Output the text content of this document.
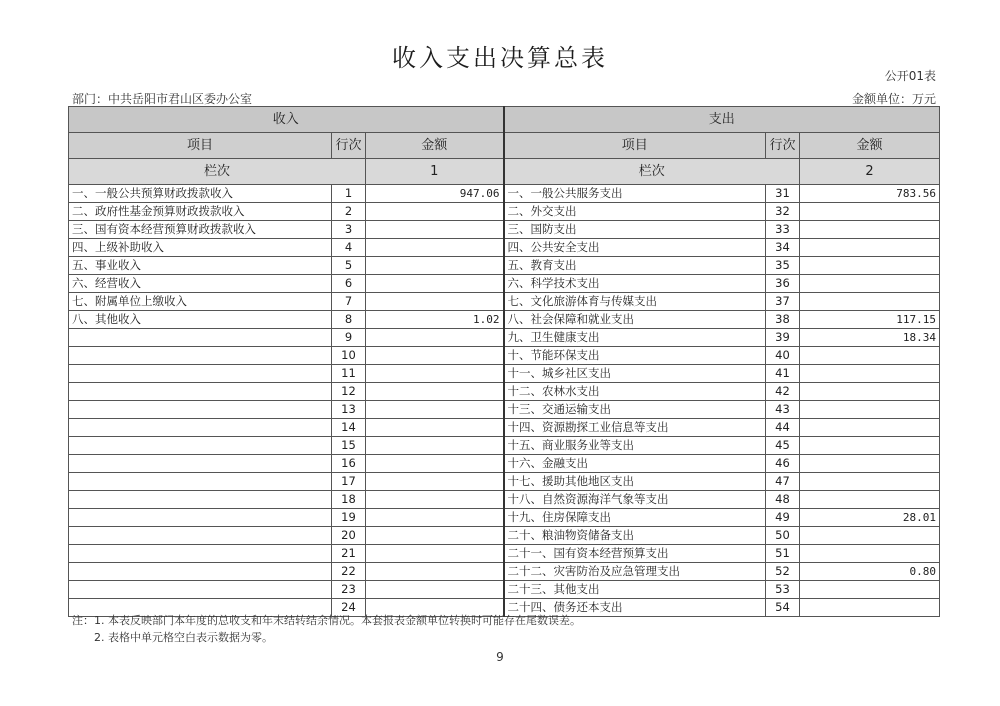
收入支出决算总表
公开01表
部门：中共岳阳市君山区委办公室	金额单位：万元
收入			支出		
项目	行次	金额	项目	行次	金额
栏次		1	栏次		2
一、一般公共预算财政拨款收入	1	947.06	一、一般公共服务支出	31	783.56
二、政府性基金预算财政拨款收入	2		二、外交支出	32	
三、国有资本经营预算财政拨款收入	3		三、国防支出	33	
四、上级补助收入	4		四、公共安全支出	34	
五、事业收入	5		五、教育支出	35	
六、经营收入	6		六、科学技术支出	36	
七、附属单位上缴收入	7		七、文化旅游体育与传媒支出	37	
八、其他收入	8	1.02	八、社会保障和就业支出	38	117.15
	9		九、卫生健康支出	39	18.34
	10		十、节能环保支出	40	
	11		十一、城乡社区支出	41	
	12		十二、农林水支出	42	
	13		十三、交通运输支出	43	
	14		十四、资源勘探工业信息等支出	44	
	15		十五、商业服务业等支出	45	
	16		十六、金融支出	46	
	17		十七、援助其他地区支出	47	
	18		十八、自然资源海洋气象等支出	48	
	19		十九、住房保障支出	49	28.01
	20		二十、粮油物资储备支出	50	
	21		二十一、国有资本经营预算支出	51	
	22		二十二、灾害防治及应急管理支出	52	0.80
	23		二十三、其他支出	53	
	24		二十四、债务还本支出	54	
注：1. 本表反映部门本年度的总收支和年末结转结余情况。本套报表金额单位转换时可能存在尾数误差。
2. 表格中单元格空白表示数据为零。
9
